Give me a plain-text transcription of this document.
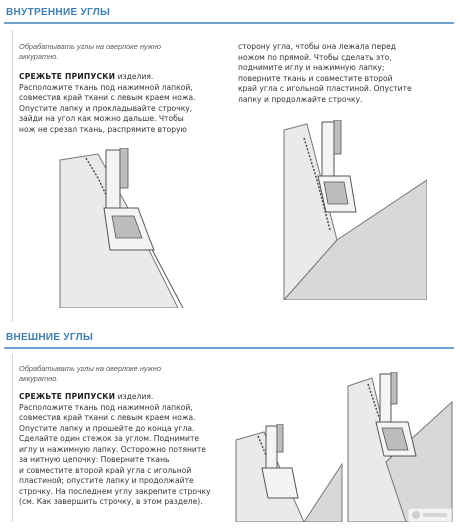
ВНУТРЕННИЕ УГЛЫ

Обрабатывать углы на оверлоке нужно
аккуратно.

СРЕЖЬТЕ ПРИПУСКИ изделия.
Расположите ткань под нажимной лапкой,
совместив край ткани с левым краем ножа.
Опустите лапку и прокладывайте строчку,
зайди на угол как можно дальше. Чтобы
нож не срезал ткань, распрямите вторую

сторону угла, чтобы она лежала перед
ножом по прямой. Чтобы сделать это,
поднимите иглу и нажимную лапку;
поверните ткань и совместите второй
край угла с игольной пластиной. Опустите
лапку и продолжайте строчку.

ВНЕШНИЕ УГЛЫ

Обрабатывать углы на оверлоке нужно
аккуратно.

СРЕЖЬТЕ ПРИПУСКИ изделия.
Расположите ткань под нажимной лапкой,
совместив край ткани с левым краем ножа.
Опустите лапку и прошейте до конца угла.
Сделайте один стежок за углом. Поднимите
иглу и нажимную лапку. Осторожно потяните
за нитную цепочку: Поверните ткань
и совместите второй край угла с игольной
пластиной; опустите лапку и продолжайте
строчку. На последнем углу закрепите строчку
(см. Как завершить строчку, в этом разделе).
